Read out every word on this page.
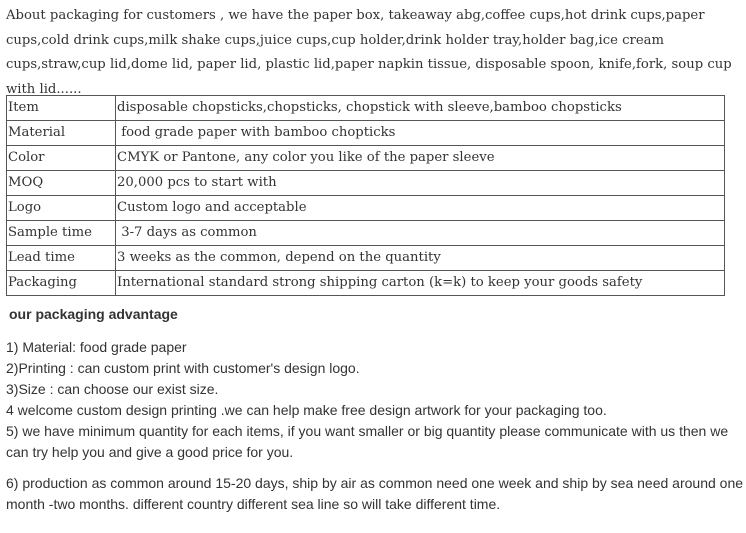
About packaging for customers , we have the paper box, takeaway abg,coffee cups,hot drink cups,paper cups,cold drink cups,milk shake cups,juice cups,cup holder,drink holder tray,holder bag,ice cream cups,straw,cup lid,dome lid, paper lid, plastic lid,paper napkin tissue, disposable spoon, knife,fork, soup cup with lid......
Item	disposable chopsticks,chopsticks, chopstick with sleeve,bamboo chopsticks
Material	food grade paper with bamboo chopticks
Color	CMYK or Pantone, any color you like of the paper sleeve
MOQ	20,000 pcs to start with
Logo	Custom logo and acceptable
Sample time	3-7 days as common
Lead time	3 weeks as the common, depend on the quantity
Packaging	International standard strong shipping carton (k=k) to keep your goods safety
our packaging advantage

1) Material: food grade paper

2)Printing : can custom print with customer's design logo.

3)Size : can choose our exist size.

4 welcome custom design printing .we can help make free design artwork for your packaging too.

5) we have minimum quantity for each items, if you want smaller or big quantity please communicate with us then we can try help you and give a good price for you.

6) production as common around 15-20 days, ship by air as common need one week and ship by sea need around one month -two months. different country different sea line so will take different time.
